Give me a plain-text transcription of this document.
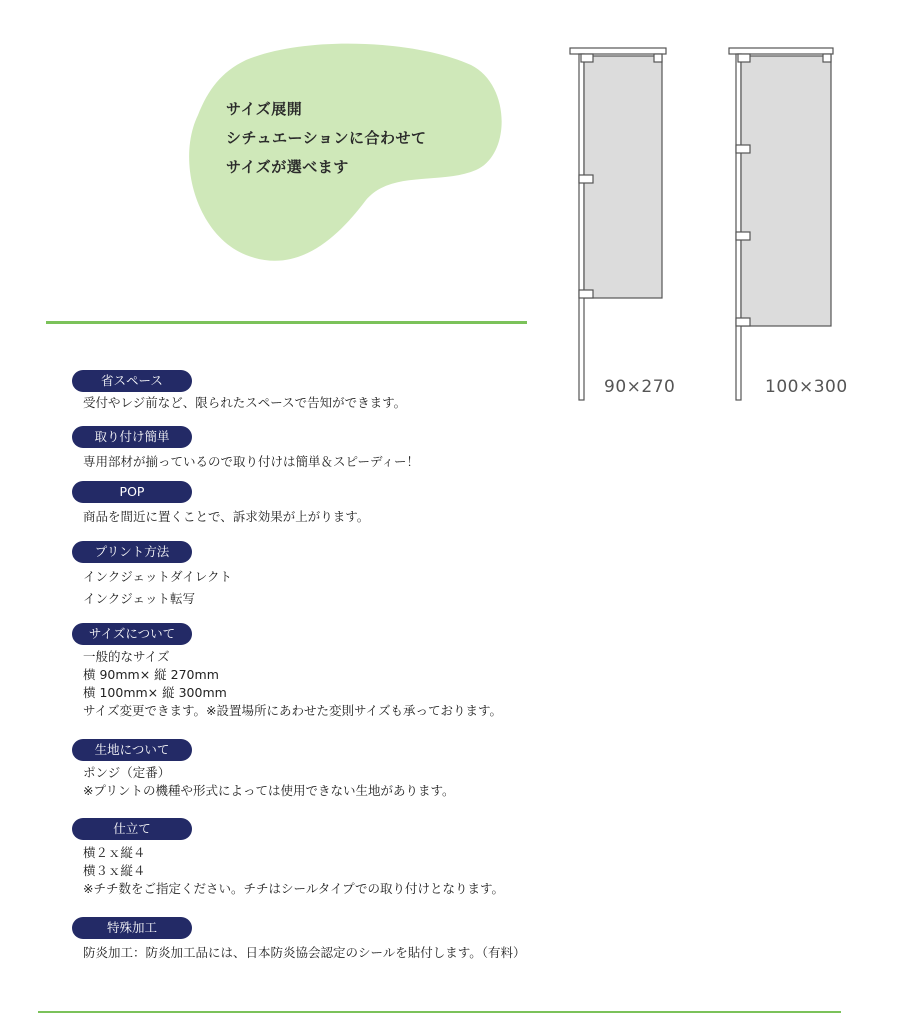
サイズ展開
シチュエーションに合わせて
サイズが選べます
90×270	100×300
省スペース
受付やレジ前など、限られたスペースで告知ができます。
取り付け簡単
専用部材が揃っているので取り付けは簡単＆スピーディー！
POP
商品を間近に置くことで、訴求効果が上がります。
プリント方法
インクジェットダイレクト
インクジェット転写
サイズについて
一般的なサイズ
横 90mm× 縦 270mm
横 100mm× 縦 300mm
サイズ変更できます。※設置場所にあわせた変則サイズも承っております。
生地について
ポンジ（定番）
※プリントの機種や形式によっては使用できない生地があります。
仕立て
横２ｘ縦４
横３ｘ縦４
※チチ数をご指定ください。チチはシールタイプでの取り付けとなります。
特殊加工
防炎加工：防炎加工品には、日本防炎協会認定のシールを貼付します。（有料）
